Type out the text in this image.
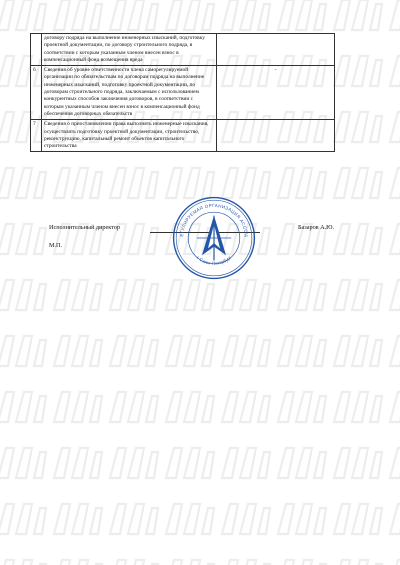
	договору подряда на выполнение инженерных изысканий, подготовку проектной документации, по договору строительного подряда, в соответствии с которым указанным членом внесен взнос в компенсационный фонд возмещения вреда	
6	Сведения об уровне ответственности члена саморегулируемой организации по обязательствам по договорам подряда на выполнение инженерных изысканий, подготовку проектной документации, по договорам строительного подряда, заключаемым с использованием конкурентных способов заключения договоров, в соответствии с которым указанным членом внесен взнос в компенсационный фонд обеспечения договорных обязательств	-
7	Сведения о приостановлении права выполнять инженерные изыскания, осуществлять подготовку проектной документации, строительство, реконструкцию, капитальный ремонт объектов капитального строительства	
Исполнительный директор	Базаров А.Ю.
М.П.
ЕГУЛИРУЕМАЯ ОРГАНИЗАЦИЯ АССОЦ
г. Санкт-Петербург
